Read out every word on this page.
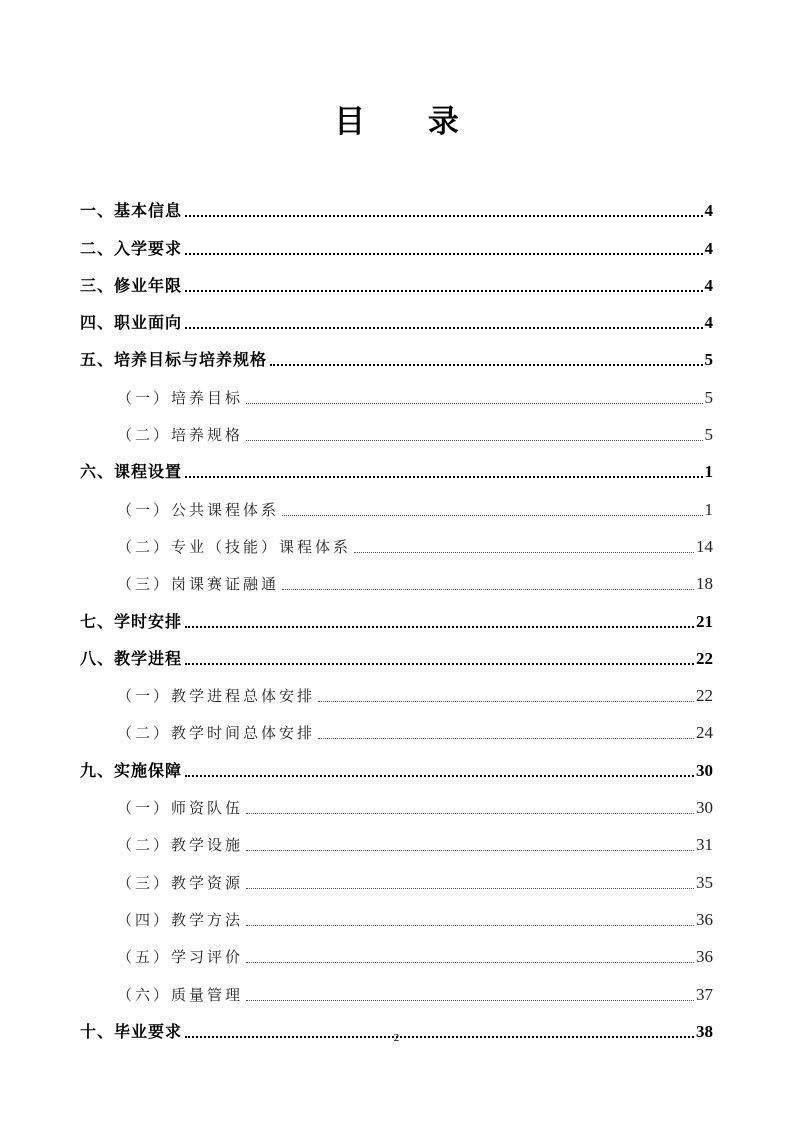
目 录
一、基本信息	4
二、入学要求	4
三、修业年限	4
四、职业面向	4
五、培养目标与培养规格	5
（一）培养目标	5
（二）培养规格	5
六、课程设置	1
（一）公共课程体系	1
（二）专业（技能）课程体系	14
（三）岗课赛证融通	18
七、学时安排	21
八、教学进程	22
（一）教学进程总体安排	22
（二）教学时间总体安排	24
九、实施保障	30
（一）师资队伍	30
（二）教学设施	31
（三）教学资源	35
（四）教学方法	36
（五）学习评价	36
（六）质量管理	37
十、毕业要求	38
2
